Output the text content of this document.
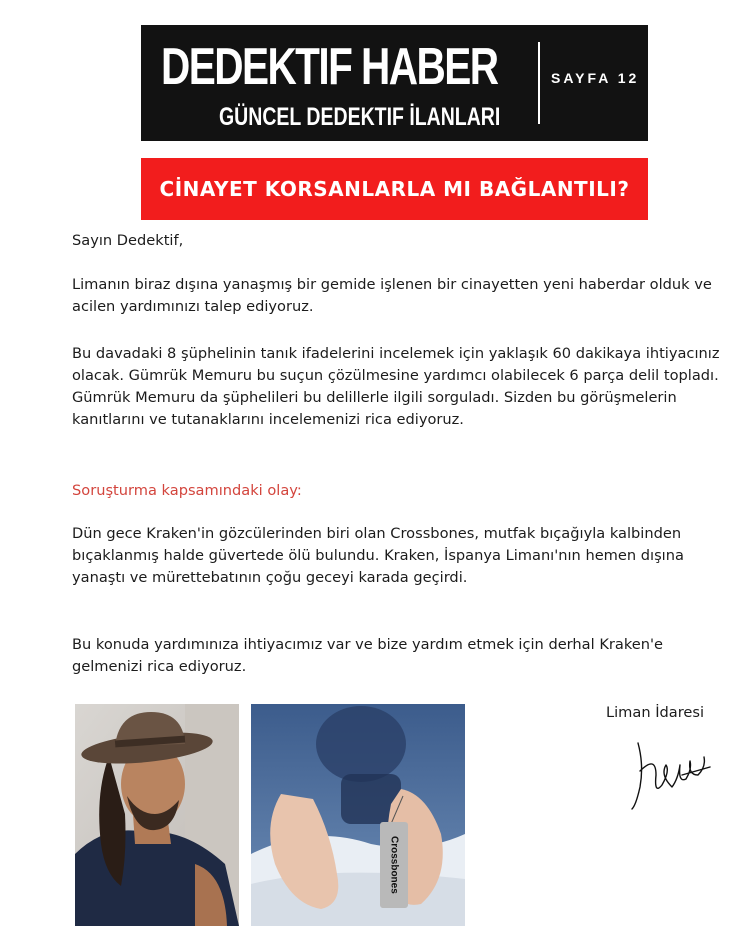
DEDEKTIF HABER
GÜNCEL DEDEKTIF İLANLARI
SAYFA 12
CİNAYET KORSANLARLA MI BAĞLANTILI?

Sayın Dedektif,

Limanın biraz dışına yanaşmış bir gemide işlenen bir cinayetten yeni haberdar olduk ve acilen yardımınızı talep ediyoruz.

Bu davadaki 8 şüphelinin tanık ifadelerini incelemek için yaklaşık 60 dakikaya ihtiyacınız olacak. Gümrük Memuru bu suçun çözülmesine yardımcı olabilecek 6 parça delil topladı. Gümrük Memuru da şüphelileri bu delillerle ilgili sorguladı. Sizden bu görüşmelerin kanıtlarını ve tutanaklarını incelemenizi rica ediyoruz.

Soruşturma kapsamındaki olay:

Dün gece Kraken'in gözcülerinden biri olan Crossbones, mutfak bıçağıyla kalbinden bıçaklanmış halde güvertede ölü bulundu. Kraken, İspanya Limanı'nın hemen dışına yanaştı ve mürettebatının çoğu geceyi karada geçirdi.

Bu konuda yardımınıza ihtiyacımız var ve bize yardım etmek için derhal Kraken'e gelmenizi rica ediyoruz.

Crossbones
Liman İdaresi
